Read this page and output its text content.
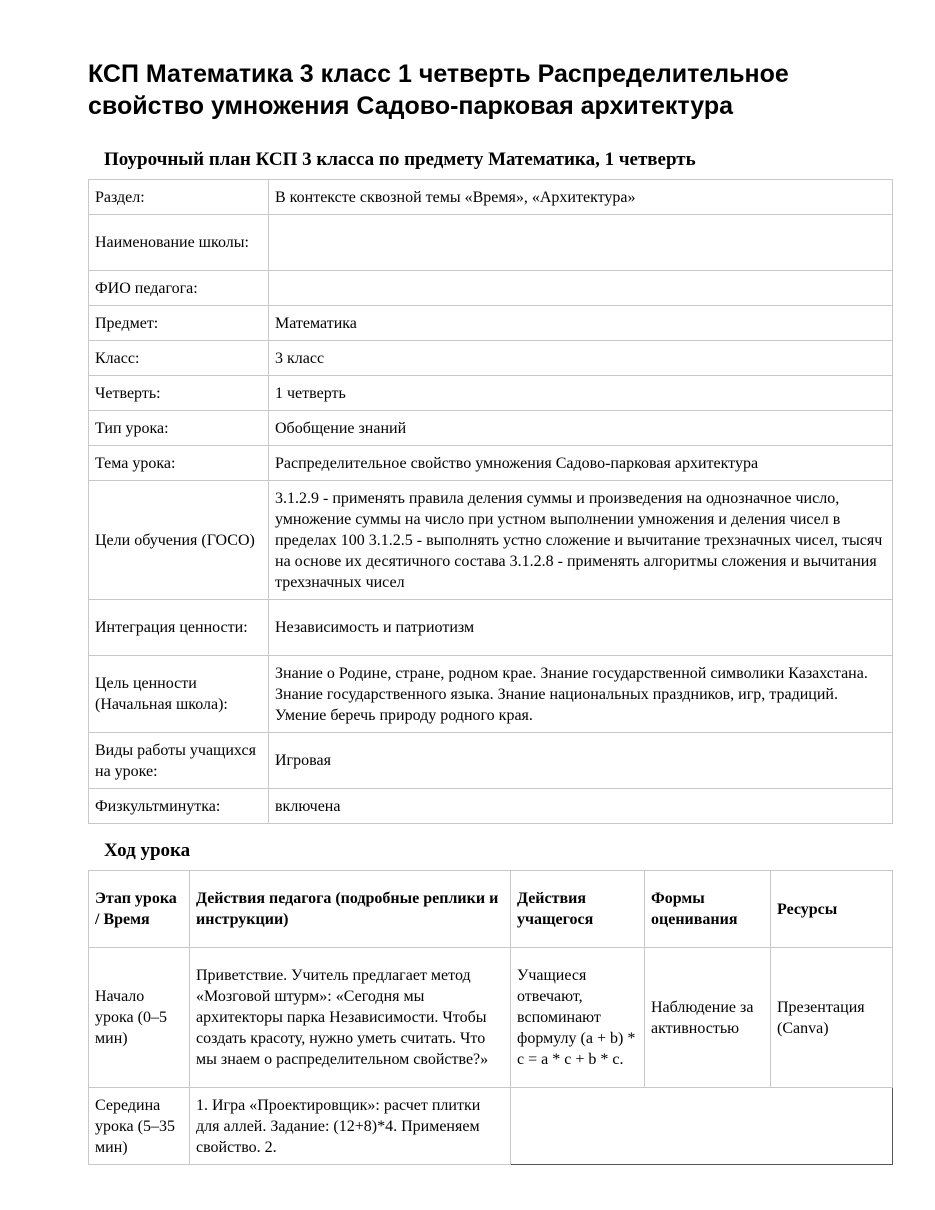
КСП Математика 3 класс 1 четверть Распределительное свойство умножения Садово-парковая архитектура
Поурочный план КСП 3 класса по предмету Математика, 1 четверть
Раздел:	В контексте сквозной темы «Время», «Архитектура»
Наименование школы:	
ФИО педагога:	
Предмет:	Математика
Класс:	3 класс
Четверть:	1 четверть
Тип урока:	Обобщение знаний
Тема урока:	Распределительное свойство умножения Садово-парковая архитектура
Цели обучения (ГОСО)	3.1.2.9 - применять правила деления суммы и произведения на однозначное число, умножение суммы на число при устном выполнении умножения и деления чисел в пределах 100 3.1.2.5 - выполнять устно сложение и вычитание трехзначных чисел, тысяч на основе их десятичного состава 3.1.2.8 - применять алгоритмы сложения и вычитания трехзначных чисел
Интеграция ценности:	Независимость и патриотизм
Цель ценности (Начальная школа):	Знание о Родине, стране, родном крае. Знание государственной символики Казахстана. Знание государственного языка. Знание национальных праздников, игр, традиций. Умение беречь природу родного края.
Виды работы учащихся на уроке:	Игровая
Физкультминутка:	включена
Ход урока
Этап урока / Время	Действия педагога (подробные реплики и инструкции)	Действия учащегося	Формы оценивания	Ресурсы
Начало урока (0–5 мин)	Приветствие. Учитель предлагает метод «Мозговой штурм»: «Сегодня мы архитекторы парка Независимости. Чтобы создать красоту, нужно уметь считать. Что мы знаем о распределительном свойстве?»	Учащиеся отвечают, вспоминают формулу (a + b) * c = a * c + b * c.	Наблюдение за активностью	Презентация (Canva)
Середина урока (5–35 мин)	1. Игра «Проектировщик»: расчет плитки для аллей. Задание: (12+8)*4. Применяем свойство. 2.			
